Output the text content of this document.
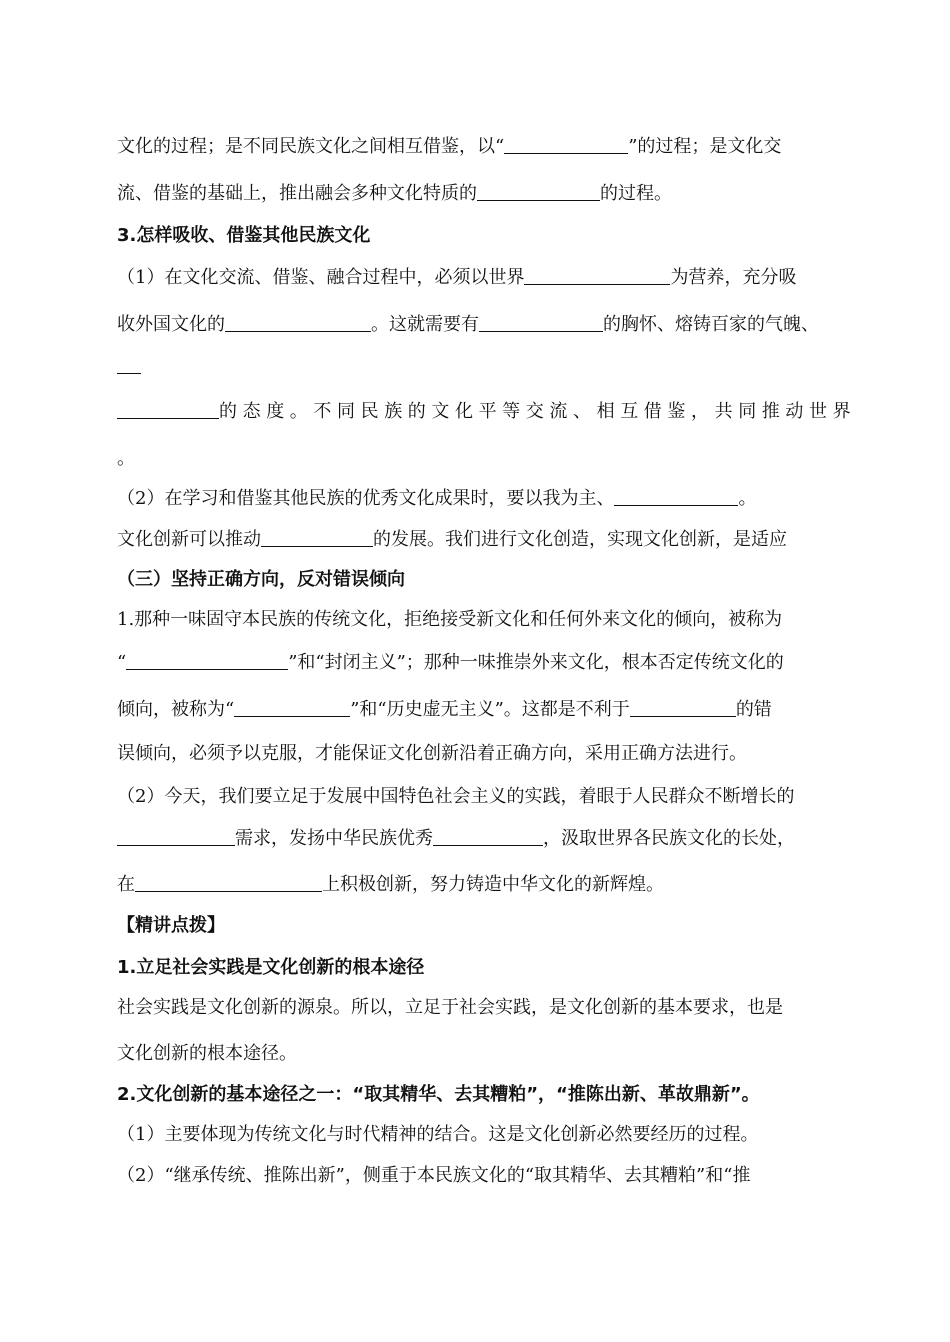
文化的过程；是不同民族文化之间相互借鉴，以“	”的过程；是文化交
流、借鉴的基础上，推出融会多种文化特质的	的过程。
3.怎样吸收、借鉴其他民族文化
（1）在文化交流、借鉴、融合过程中，必须以世界	为营养，充分吸
收外国文化的	。这就需要有	的胸怀、熔铸百家的气魄、
的态度。不同民族的文化平等交流、相互借鉴，共同推动世界
。
（2）在学习和借鉴其他民族的优秀文化成果时，要以我为主、	。
文化创新可以推动	的发展。我们进行文化创造，实现文化创新，是适应
（三）坚持正确方向，反对错误倾向
1.那种一味固守本民族的传统文化，拒绝接受新文化和任何外来文化的倾向，被称为
“	”和“封闭主义”；那种一味推崇外来文化，根本否定传统文化的
倾向，被称为“	”和“历史虚无主义”。这都是不利于	的错
误倾向，必须予以克服，才能保证文化创新沿着正确方向，采用正确方法进行。
（2）今天，我们要立足于发展中国特色社会主义的实践，着眼于人民群众不断增长的
需求，发扬中华民族优秀	，汲取世界各民族文化的长处，
在	上积极创新，努力铸造中华文化的新辉煌。
【精讲点拨】
1.立足社会实践是文化创新的根本途径
社会实践是文化创新的源泉。所以，立足于社会实践，是文化创新的基本要求，也是
文化创新的根本途径。
2.文化创新的基本途径之一：“取其精华、去其糟粕”，“推陈出新、革故鼎新”。
（1）主要体现为传统文化与时代精神的结合。这是文化创新必然要经历的过程。
（2）“继承传统、推陈出新”，侧重于本民族文化的“取其精华、去其糟粕”和“推
